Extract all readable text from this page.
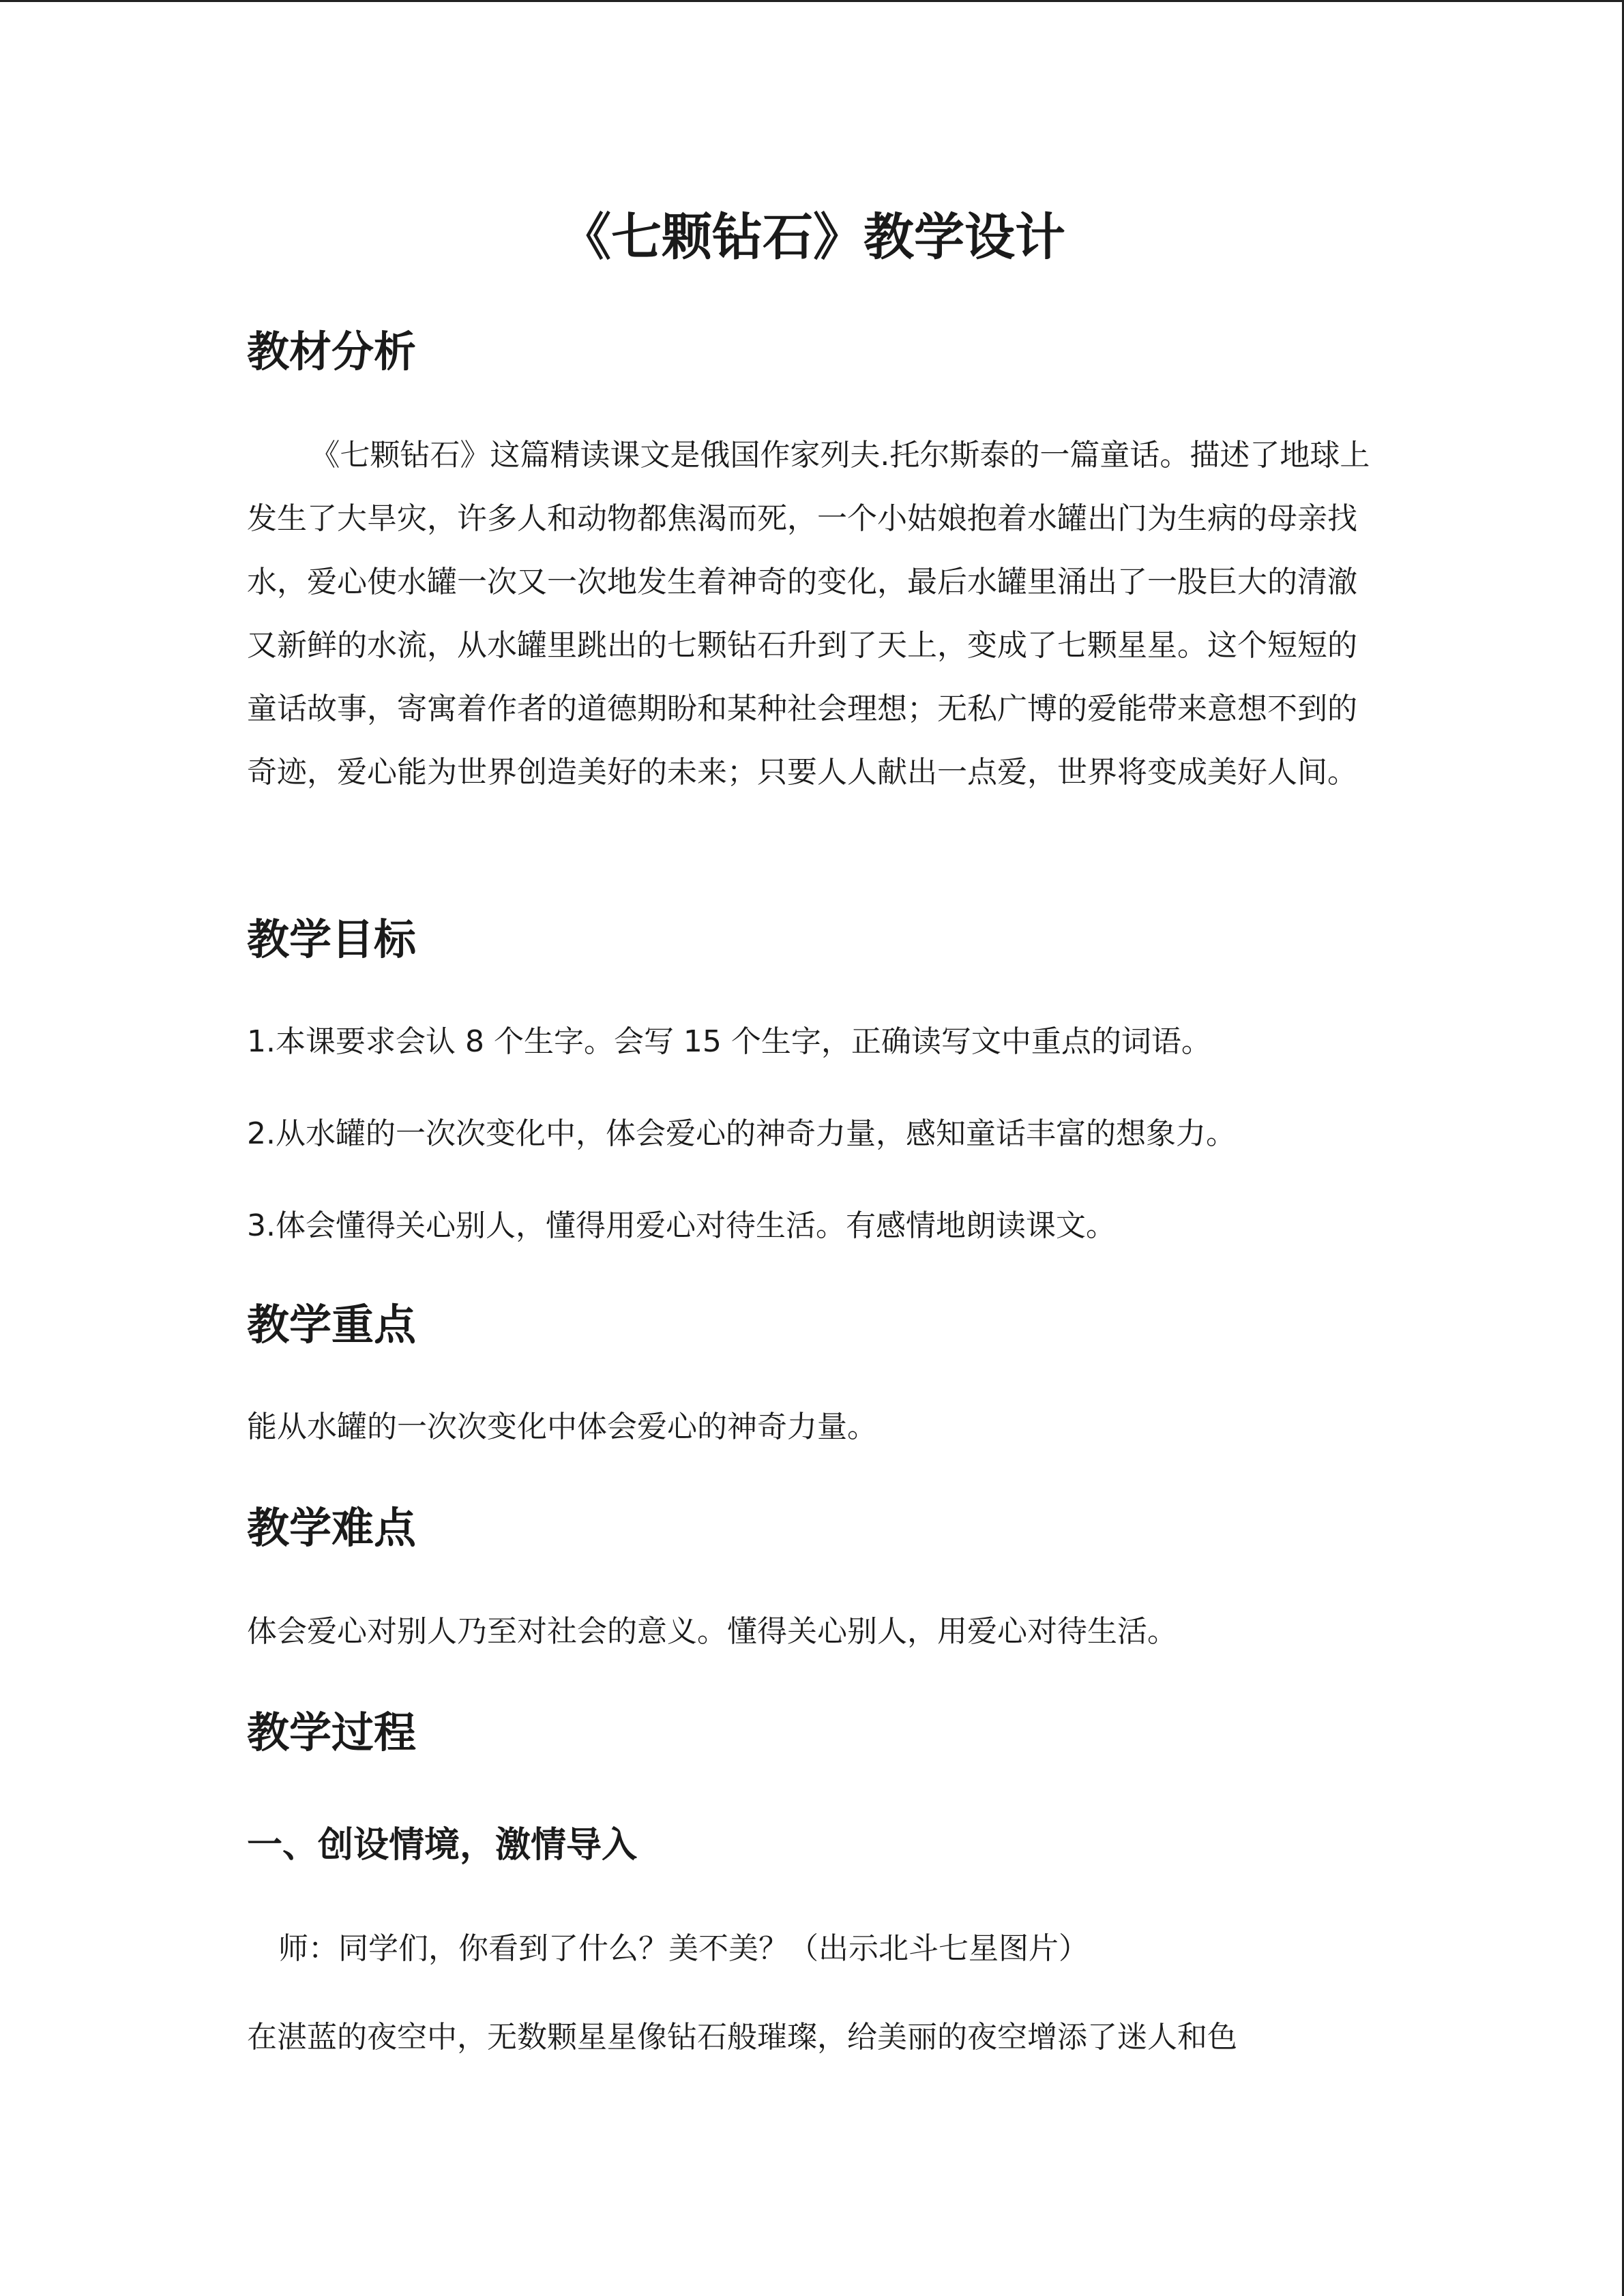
《七颗钻石》教学设计
教材分析

《七颗钻石》这篇精读课文是俄国作家列夫.托尔斯泰的一篇童话。描述了地球上发生了大旱灾，许多人和动物都焦渴而死，一个小姑娘抱着水罐出门为生病的母亲找水，爱心使水罐一次又一次地发生着神奇的变化，最后水罐里涌出了一股巨大的清澈又新鲜的水流，从水罐里跳出的七颗钻石升到了天上，变成了七颗星星。这个短短的童话故事，寄寓着作者的道德期盼和某种社会理想；无私广博的爱能带来意想不到的奇迹，爱心能为世界创造美好的未来；只要人人献出一点爱，世界将变成美好人间。

教学目标
1.本课要求会认 8 个生字。会写 15 个生字，正确读写文中重点的词语。
2.从水罐的一次次变化中，体会爱心的神奇力量，感知童话丰富的想象力。
3.体会懂得关心别人，懂得用爱心对待生活。有感情地朗读课文。
教学重点
能从水罐的一次次变化中体会爱心的神奇力量。
教学难点
体会爱心对别人乃至对社会的意义。懂得关心别人，用爱心对待生活。
教学过程
一、创设情境，激情导入
师：同学们，你看到了什么？美不美？（出示北斗七星图片）
在湛蓝的夜空中，无数颗星星像钻石般璀璨，给美丽的夜空增添了迷人和色
